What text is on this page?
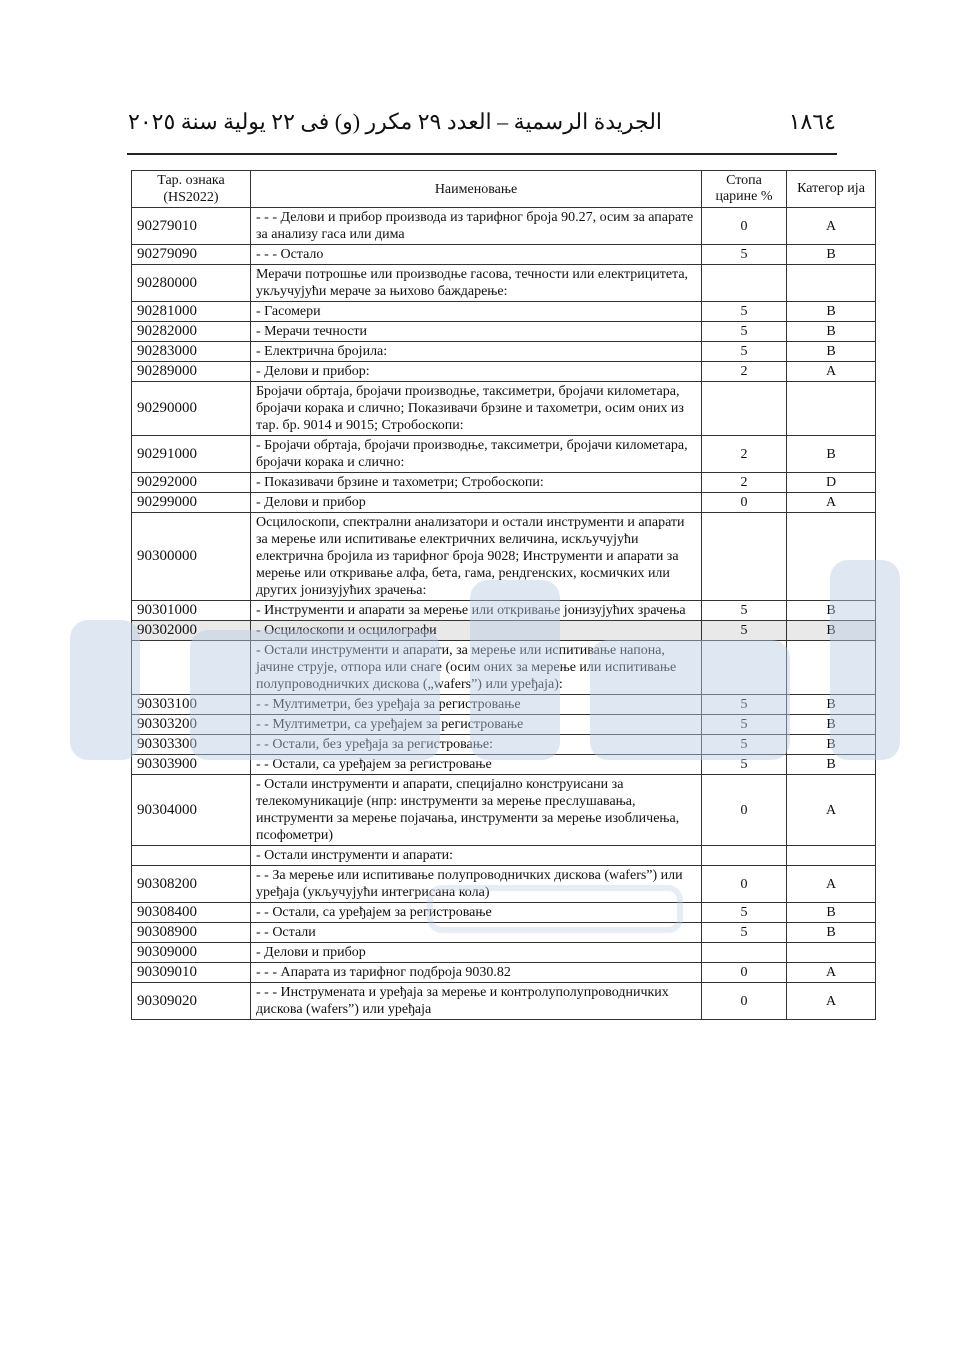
١٨٦٤
الجريدة الرسمية – العدد ٢٩ مكرر (و) فى ٢٢ يولية سنة ٢٠٢٥
Тар. ознака (HS2022)	Наименовање	Стопа царине %	Категор ија
90279010	- - - Делови и прибор производа из тарифног броја 90.27, осим за апарате за анализу гаса или дима	0	A
90279090	- - - Остало	5	B
90280000	Мерачи потрошње или производње гасова, течности или електрицитета, укључујући мераче за њихово баждарење:		
90281000	- Гасомери	5	B
90282000	- Мерачи течности	5	B
90283000	- Електрична бројила:	5	B
90289000	- Делови и прибор:	2	A
90290000	Бројачи обртаја, бројачи производње, таксиметри, бројачи километара, бројачи корака и слично; Показивачи брзине и тахометри, осим оних из тар. бр. 9014 и 9015; Стробоскопи:		
90291000	- Бројачи обртаја, бројачи производње, таксиметри, бројачи километара, бројачи корака и слично:	2	B
90292000	- Показивачи брзине и тахометри; Стробоскопи:	2	D
90299000	- Делови и прибор	0	A
90300000	Осцилоскопи, спектрални анализатори и остали инструменти и апарати за мерење или испитивање електричних величина, искључујући електрична бројила из тарифног броја 9028; Инструменти и апарати за мерење или откривање алфа, бета, гама, рендгенских, космичких или других јонизујућих зрачења:		
90301000	- Инструменти и апарати за мерење или откривање јонизујућих зрачења	5	B
90302000	- Осцилоскопи и осцилографи	5	B
	- Остали инструменти и апарати, за мерење или испитивање напона, јачине струје, отпора или снаге (осим оних за мерење или испитивање полупроводничких дискова („wafers”) или уређаја):		
90303100	- - Мултиметри, без уређаја за регистровање	5	B
90303200	- - Мултиметри, са уређајем за регистровање	5	B
90303300	- - Остали, без уређаја за регистровање:	5	B
90303900	- - Остали, са уређајем за регистровање	5	B
90304000	- Остали инструменти и апарати, специјално конструисани за телекомуникације (нпр: инструменти за мерење преслушавања, инструменти за мерење појачања, инструменти за мерење изобличења, псофометри)	0	A
	- Остали инструменти и апарати:		
90308200	- - За мерење или испитивање полупроводничких дискова (wafers”) или уређаја (укључујући интегрисана кола)	0	A
90308400	- - Остали, са уређајем за регистровање	5	B
90308900	- - Остали	5	B
90309000	- Делови и прибор		
90309010	- - - Апарата из тарифног подброја 9030.82	0	A
90309020	- - - Инструмената и уређаја за мерење и контролуполупроводничких дискова (wafers”) или уређаја	0	A
